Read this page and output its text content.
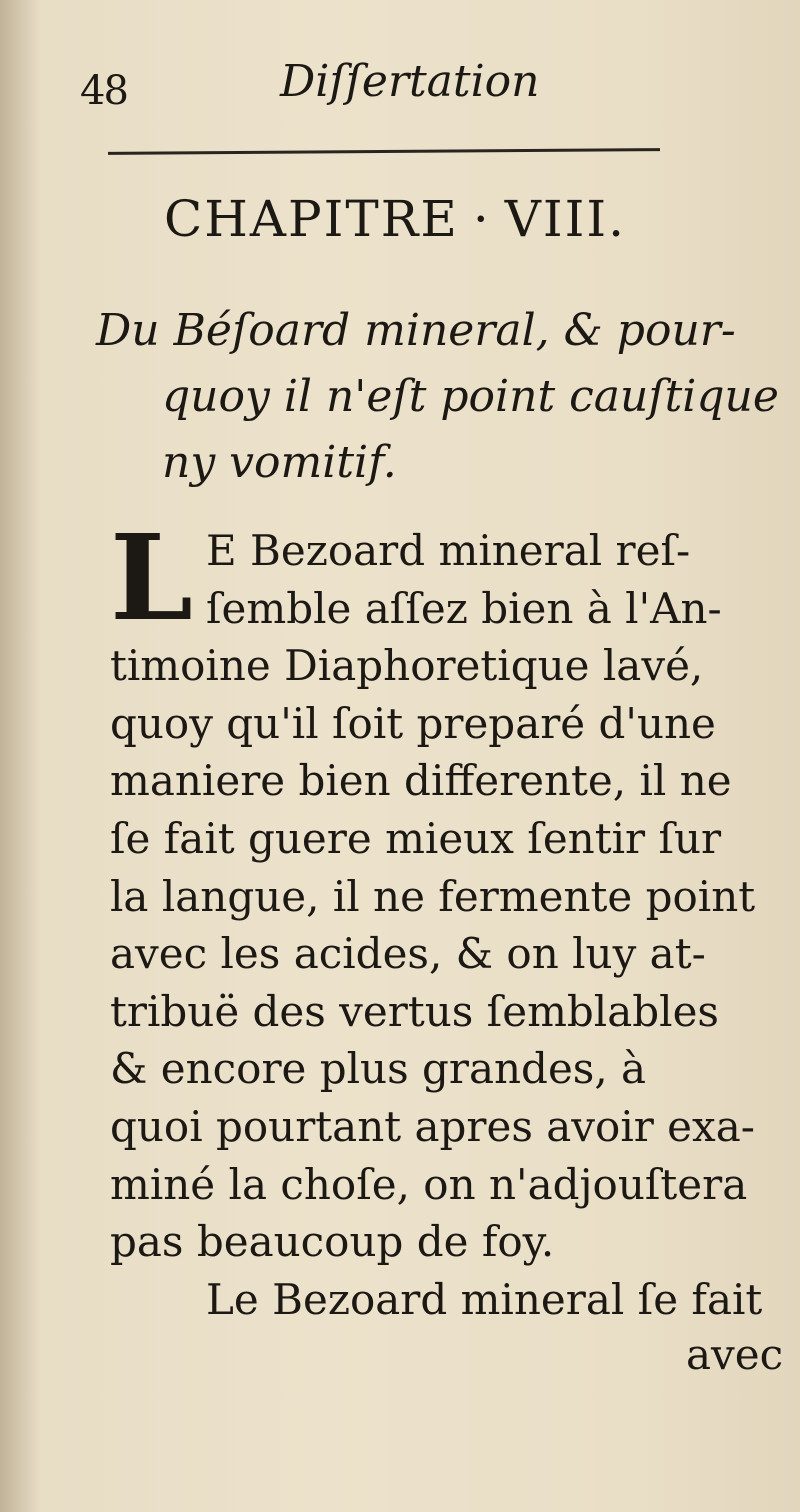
48	Diſſertation
CHAPITRE · VIII.
Du Béſoard mineral, & pour-
quoy il n'eſt point cauſtique
ny vomitif.
L E Bezoard mineral reſ-
ſemble aſſez bien à l'An-
timoine Diaphoretique lavé,
quoy qu'il ſoit preparé d'une
maniere bien differente, il ne
ſe fait guere mieux ſentir ſur
la langue, il ne fermente point
avec les acides, & on luy at-
tribuë des vertus ſemblables
& encore plus grandes, à
quoi pourtant apres avoir exa-
miné la choſe, on n'adjouſtera
pas beaucoup de foy.
Le Bezoard mineral ſe fait
avec
